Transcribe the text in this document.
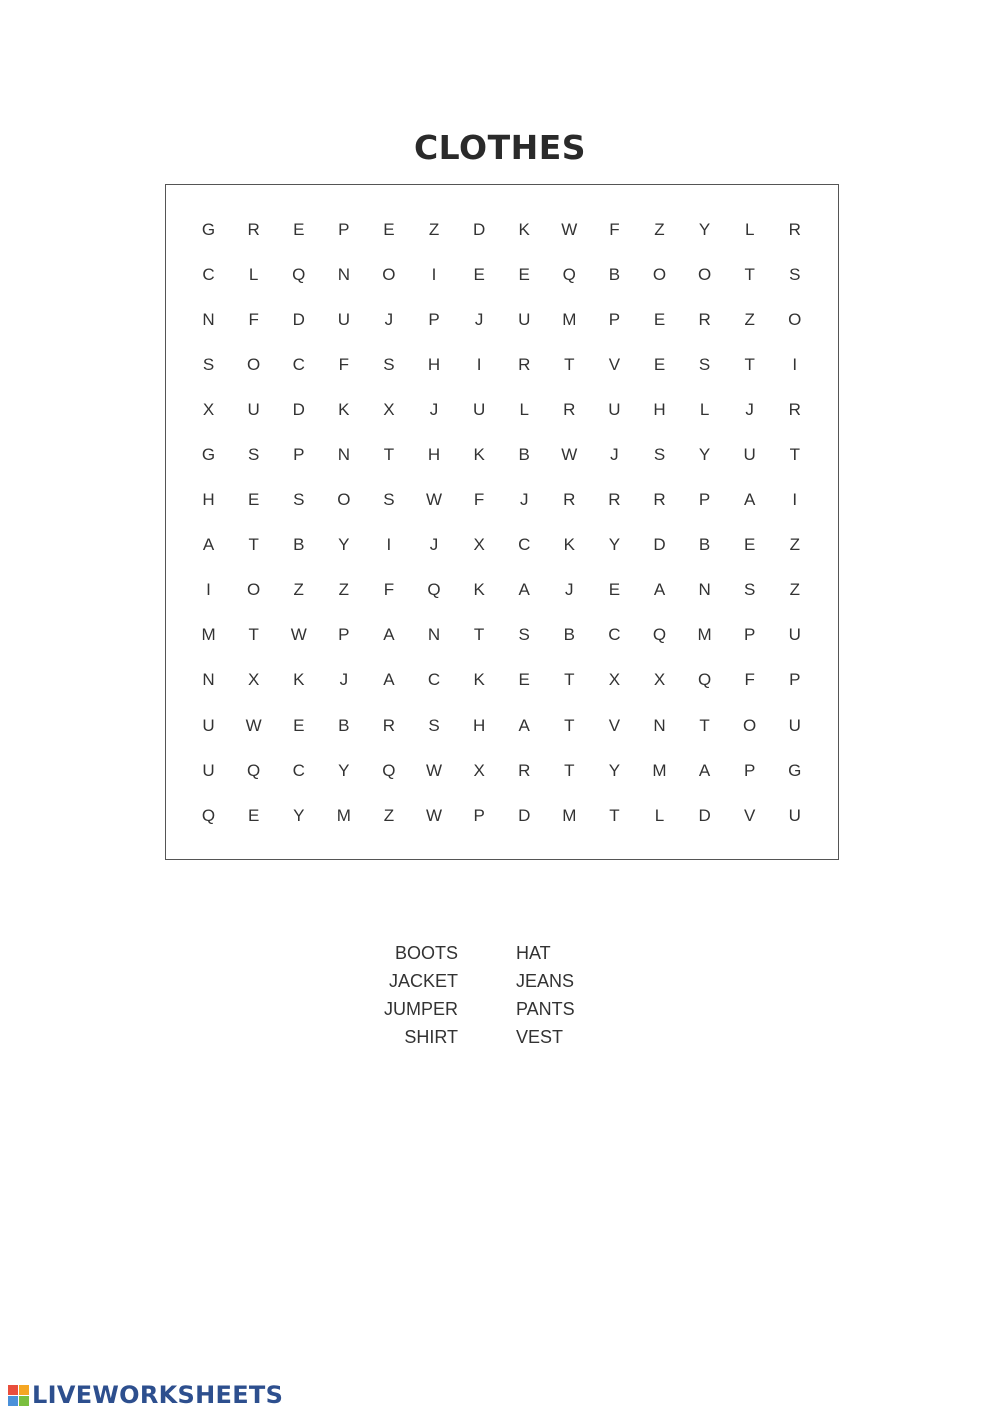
CLOTHES
G	R	E	P	E	Z	D	K	W	F	Z	Y	L	R
C	L	Q	N	O	I	E	E	Q	B	O	O	T	S
N	F	D	U	J	P	J	U	M	P	E	R	Z	O
S	O	C	F	S	H	I	R	T	V	E	S	T	I
X	U	D	K	X	J	U	L	R	U	H	L	J	R
G	S	P	N	T	H	K	B	W	J	S	Y	U	T
H	E	S	O	S	W	F	J	R	R	R	P	A	I
A	T	B	Y	I	J	X	C	K	Y	D	B	E	Z
I	O	Z	Z	F	Q	K	A	J	E	A	N	S	Z
M	T	W	P	A	N	T	S	B	C	Q	M	P	U
N	X	K	J	A	C	K	E	T	X	X	Q	F	P
U	W	E	B	R	S	H	A	T	V	N	T	O	U
U	Q	C	Y	Q	W	X	R	T	Y	M	A	P	G
Q	E	Y	M	Z	W	P	D	M	T	L	D	V	U
BOOTS	HAT
JACKET	JEANS
JUMPER	PANTS
SHIRT	VEST
LIVEWORKSHEETS
